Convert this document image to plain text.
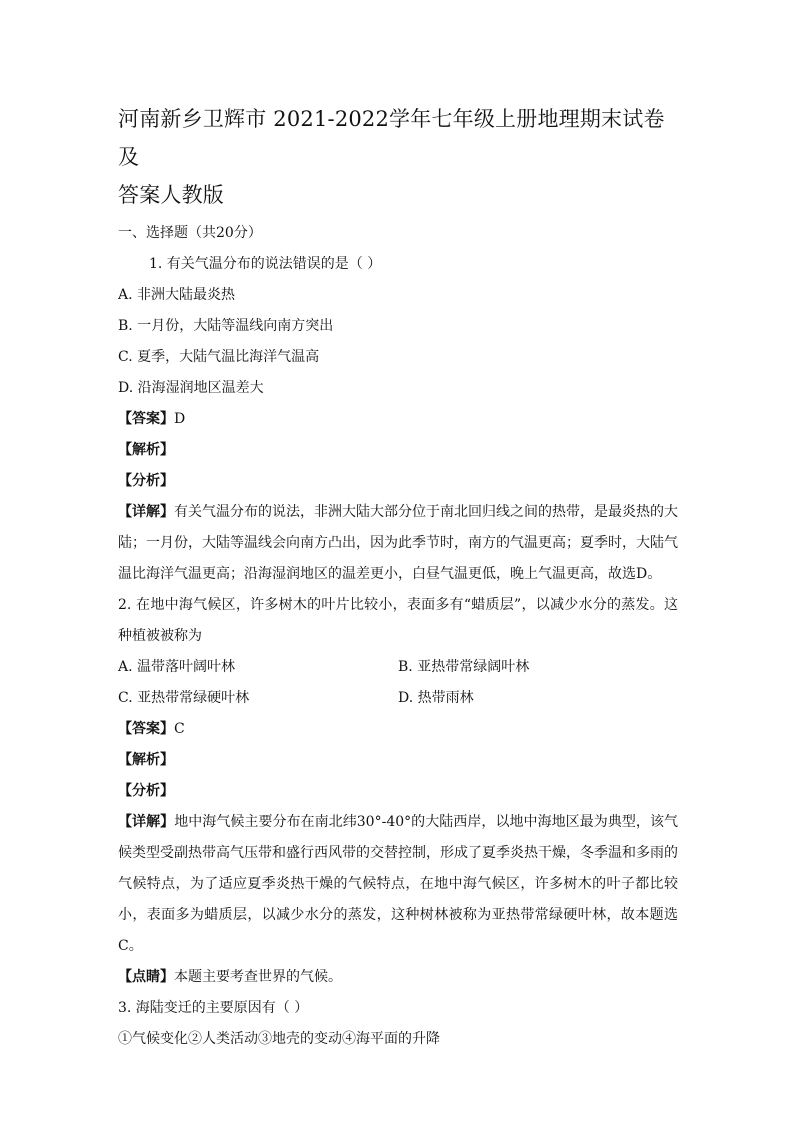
河南新乡卫辉市 2021-2022学年七年级上册地理期末试卷及
答案人教版

一、选择题（共20分）

1. 有关气温分布的说法错误的是（ ）

A. 非洲大陆最炎热

B. 一月份，大陆等温线向南方突出

C. 夏季，大陆气温比海洋气温高

D. 沿海湿润地区温差大

【答案】D

【解析】

【分析】

【详解】有关气温分布的说法，非洲大陆大部分位于南北回归线之间的热带，是最炎热的大陆；一月份，大陆等温线会向南方凸出，因为此季节时，南方的气温更高；夏季时，大陆气温比海洋气温更高；沿海湿润地区的温差更小，白昼气温更低，晚上气温更高，故选D。

2. 在地中海气候区，许多树木的叶片比较小，表面多有“蜡质层”，以减少水分的蒸发。这种植被被称为

A. 温带落叶阔叶林	B. 亚热带常绿阔叶林
C. 亚热带常绿硬叶林	D. 热带雨林

【答案】C

【解析】

【分析】

【详解】地中海气候主要分布在南北纬30°-40°的大陆西岸，以地中海地区最为典型，该气候类型受副热带高气压带和盛行西风带的交替控制，形成了夏季炎热干燥，冬季温和多雨的气候特点，为了适应夏季炎热干燥的气候特点，在地中海气候区，许多树木的叶子都比较小，表面多为蜡质层，以减少水分的蒸发，这种树林被称为亚热带常绿硬叶林，故本题选C。

【点睛】本题主要考查世界的气候。

3. 海陆变迁的主要原因有（ ）

①气候变化②人类活动③地壳的变动④海平面的升降
